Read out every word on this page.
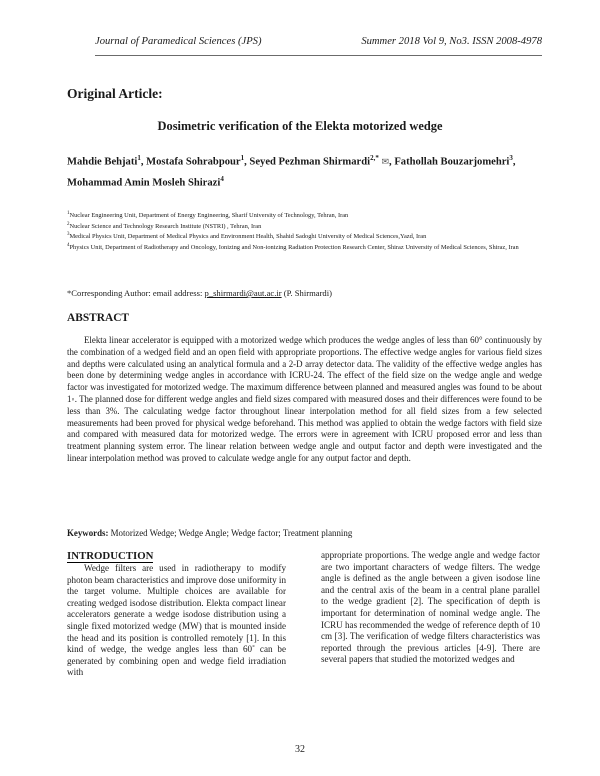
Journal of Paramedical Sciences (JPS)	Summer 2018 Vol 9, No3. ISSN 2008-4978
Original Article:
Dosimetric verification of the Elekta motorized wedge
Mahdie Behjati$^1$, Mostafa Sohrabpour$^1$, Seyed Pezhman Shirmardi$^{2,*}$ ✉, Fathollah Bouzarjomehri$^3$, Mohammad Amin Mosleh Shirazi$^4$
$^1$Nuclear Engineering Unit, Department of Energy Engineering, Sharif University of Technology, Tehran, Iran
$^2$Nuclear Science and Technology Research Institute (NSTRI) , Tehran, Iran
$^3$Medical Physics Unit, Department of Medical Physics and Environment Health, Shahid Sadoghi University of Medical Sciences,Yazd, Iran
$^4$Physics Unit, Department of Radiotherapy and Oncology, Ionizing and Non-ionizing Radiation Protection Research Center, Shiraz University of Medical Sciences, Shiraz, Iran
*Corresponding Author: email address: p_shirmardi@aut.ac.ir (P. Shirmardi)
ABSTRACT

Elekta linear accelerator is equipped with a motorized wedge which produces the wedge angles of less than 60° continuously by the combination of a wedged field and an open field with appropriate proportions. The effective wedge angles for various field sizes and depths were calculated using an analytical formula and a 2-D array detector data. The validity of the effective wedge angles has been done by determining wedge angles in accordance with ICRU-24. The effect of the field size on the wedge angle and wedge factor was investigated for motorized wedge. The maximum difference between planned and measured angles was found to be about 1◦. The planned dose for different wedge angles and field sizes compared with measured doses and their differences were found to be less than 3%. The calculating wedge factor throughout linear interpolation method for all field sizes from a few selected measurements had been proved for physical wedge beforehand. This method was applied to obtain the wedge factors with field size and compared with measured data for motorized wedge. The errors were in agreement with ICRU proposed error and less than treatment planning system error. The linear relation between wedge angle and output factor and depth were investigated and the linear interpolation method was proved to calculate wedge angle for any output factor and depth.

Keywords: Motorized Wedge; Wedge Angle; Wedge factor; Treatment planning
INTRODUCTION

Wedge filters are used in radiotherapy to modify photon beam characteristics and improve dose uniformity in the target volume. Multiple choices are available for creating wedged isodose distribution. Elekta compact linear accelerators generate a wedge isodose distribution using a single fixed motorized wedge (MW) that is mounted inside the head and its position is controlled remotely [1]. In this kind of wedge, the wedge angles less than 60˚ can be generated by combining open and wedge field irradiation with

appropriate proportions. The wedge angle and wedge factor are two important characters of wedge filters. The wedge angle is defined as the angle between a given isodose line and the central axis of the beam in a central plane parallel to the wedge gradient [2]. The specification of depth is important for determination of nominal wedge angle. The ICRU has recommended the wedge of reference depth of 10 cm [3]. The verification of wedge filters characteristics was reported through the previous articles [4-9]. There are several papers that studied the motorized wedges and

32
